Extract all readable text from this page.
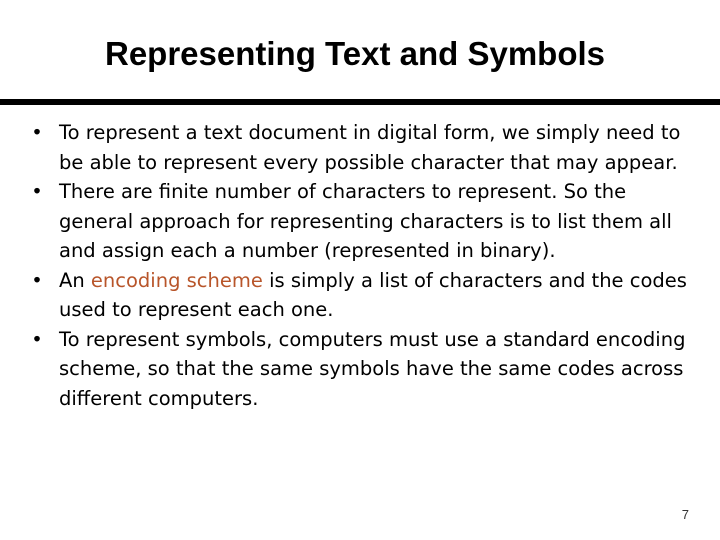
Representing Text and Symbols
• To represent a text document in digital form, we simply need to be able to represent every possible character that may appear.
• There are finite number of characters to represent. So the general approach for representing characters is to list them all and assign each a number (represented in binary).
• An encoding scheme is simply a list of characters and the codes used to represent each one.
• To represent symbols, computers must use a standard encoding scheme, so that the same symbols have the same codes across different computers.
7
